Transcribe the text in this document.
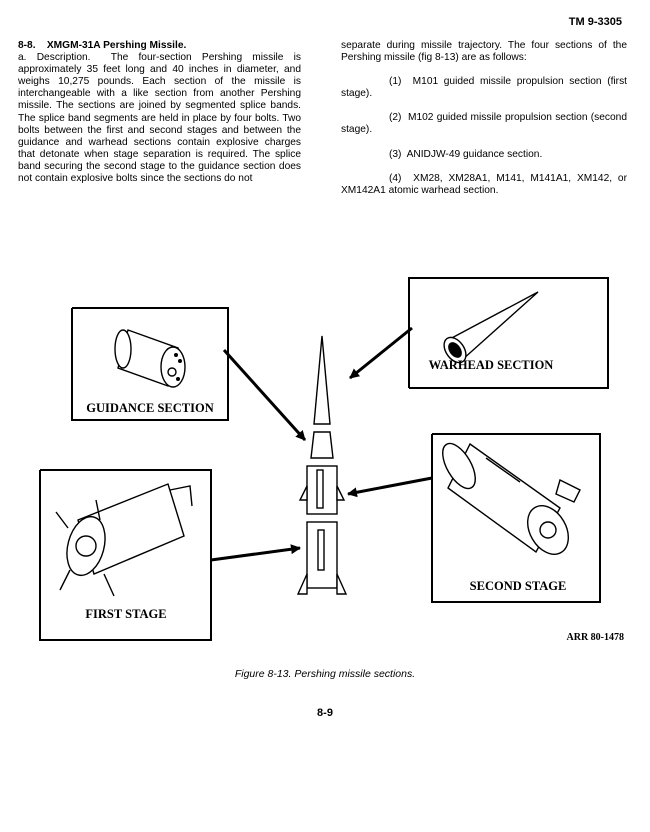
TM 9-3305

8-8. XMGM-31A Pershing Missile.

a. Description. The four-section Pershing missile is approximately 35 feet long and 40 inches in diameter, and weighs 10,275 pounds. Each section of the missile is interchangeable with a like section from another Pershing missile. The sections are joined by segmented splice bands. The splice band segments are held in place by four bolts. Two bolts between the first and second stages and between the guidance and warhead sections contain explosive charges that detonate when stage separation is required. The splice band securing the second stage to the guidance section does not contain explosive bolts since the sections do not

separate during missile trajectory. The four sections of the Pershing missile (fig 8-13) are as follows:

(1) M101 guided missile propulsion section (first stage).

(2) M102 guided missile propulsion section (second stage).

(3) ANIDJW-49 guidance section.

(4) XM28, XM28A1, M141, M141A1, XM142, or XM142A1 atomic warhead section.

WARHEAD SECTION
GUIDANCE SECTION
SECOND STAGE
FIRST STAGE
ARR 80-1478
Figure 8-13. Pershing missile sections.
8-9
